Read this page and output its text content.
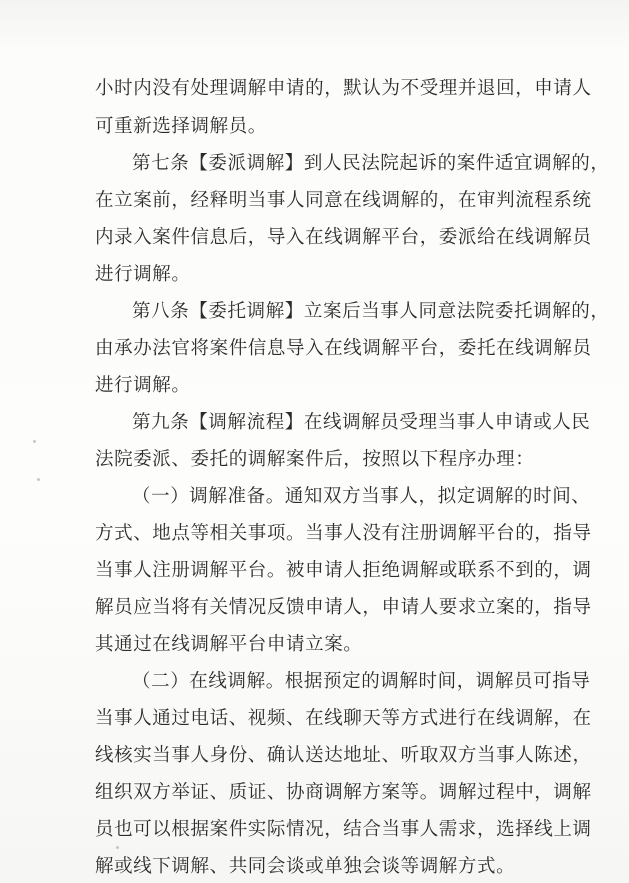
小时内没有处理调解申请的，默认为不受理并退回，申请人
可重新选择调解员。
第七条【委派调解】到人民法院起诉的案件适宜调解的，
在立案前，经释明当事人同意在线调解的，在审判流程系统
内录入案件信息后，导入在线调解平台，委派给在线调解员
进行调解。
第八条【委托调解】立案后当事人同意法院委托调解的，
由承办法官将案件信息导入在线调解平台，委托在线调解员
进行调解。
第九条【调解流程】在线调解员受理当事人申请或人民
法院委派、委托的调解案件后，按照以下程序办理：
（一）调解准备。通知双方当事人，拟定调解的时间、
方式、地点等相关事项。当事人没有注册调解平台的，指导
当事人注册调解平台。被申请人拒绝调解或联系不到的，调
解员应当将有关情况反馈申请人，申请人要求立案的，指导
其通过在线调解平台申请立案。
（二）在线调解。根据预定的调解时间，调解员可指导
当事人通过电话、视频、在线聊天等方式进行在线调解，在
线核实当事人身份、确认送达地址、听取双方当事人陈述，
组织双方举证、质证、协商调解方案等。调解过程中，调解
员也可以根据案件实际情况，结合当事人需求，选择线上调
解或线下调解、共同会谈或单独会谈等调解方式。
